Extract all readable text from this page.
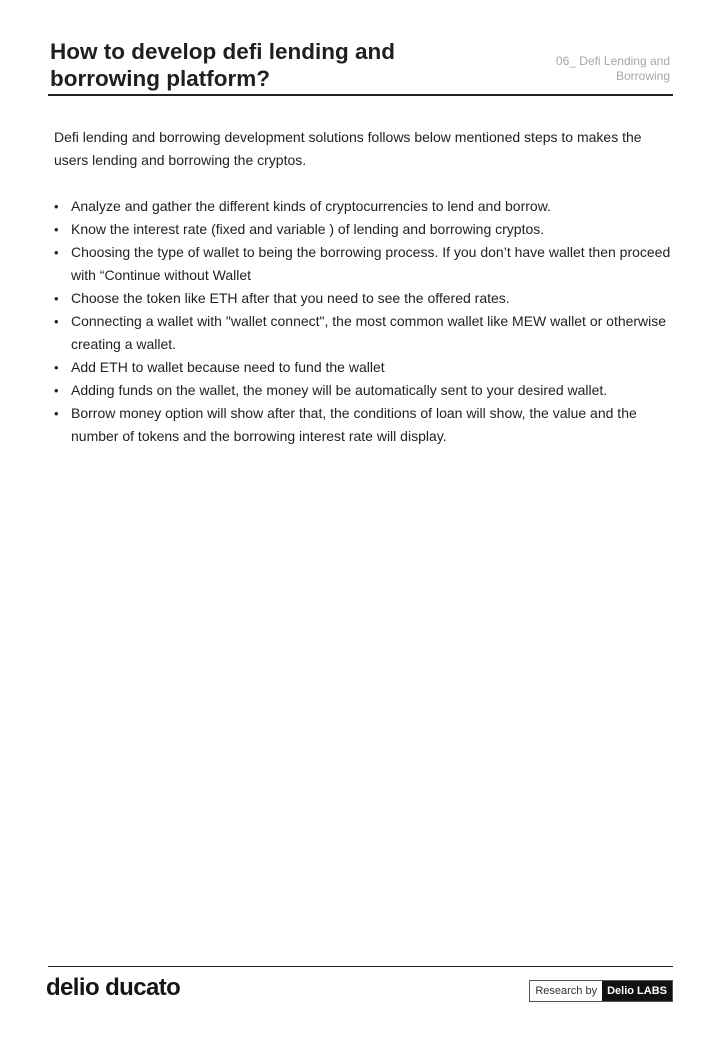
How to develop defi lending and borrowing platform?
06_ Defi Lending and Borrowing

Defi lending and borrowing development solutions follows below mentioned steps to makes the users lending and borrowing the cryptos.

• Analyze and gather the different kinds of cryptocurrencies to lend and borrow.
• Know the interest rate (fixed and variable ) of lending and borrowing cryptos.
• Choosing the type of wallet to being the borrowing process. If you don’t have wallet then proceed with “Continue without Wallet
• Choose the token like ETH after that you need to see the offered rates.
• Connecting a wallet with "wallet connect", the most common wallet like MEW wallet or otherwise creating a wallet.
• Add ETH to wallet because need to fund the wallet
• Adding funds on the wallet, the money will be automatically sent to your desired wallet.
• Borrow money option will show after that, the conditions of loan will show, the value and the number of tokens and the borrowing interest rate will display.
delio ducato	Research by Delio LABS
